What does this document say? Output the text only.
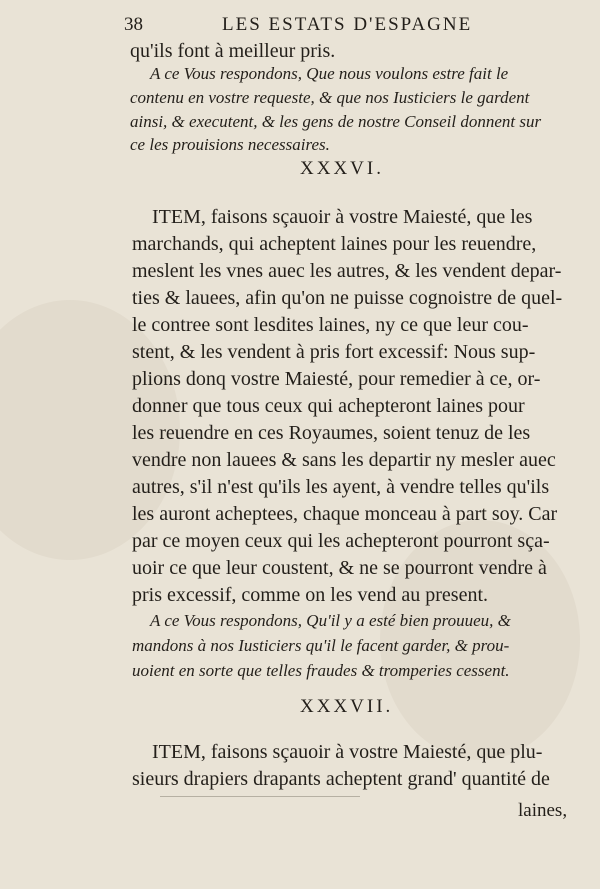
38	LES ESTATS D'ESPAGNE
qu'ils font à meilleur pris.
A ce Vous respondons, Que nous voulons estre fait le
contenu en vostre requeste, & que nos Iusticiers le gardent
ainsi, & executent, & les gens de nostre Conseil donnent sur
ce les prouisions necessaires.
XXXVI.
ITEM, faisons sçauoir à vostre Maiesté, que les
marchands, qui acheptent laines pour les reuendre,
meslent les vnes auec les autres, & les vendent depar-
ties & lauees, afin qu'on ne puisse cognoistre de quel-
le contree sont lesdites laines, ny ce que leur cou-
stent, & les vendent à pris fort excessif: Nous sup-
plions donq vostre Maiesté, pour remedier à ce, or-
donner que tous ceux qui achepteront laines pour
les reuendre en ces Royaumes, soient tenuz de les
vendre non lauees & sans les departir ny mesler auec
autres, s'il n'est qu'ils les ayent, à vendre telles qu'ils
les auront acheptees, chaque monceau à part soy. Car
par ce moyen ceux qui les achepteront pourront sça-
uoir ce que leur coustent, & ne se pourront vendre à
pris excessif, comme on les vend au present.
A ce Vous respondons, Qu'il y a esté bien prouueu, &
mandons à nos Iusticiers qu'il le facent garder, & prou-
uoient en sorte que telles fraudes & tromperies cessent.
XXXVII.
ITEM, faisons sçauoir à vostre Maiesté, que plu-
sieurs drapiers drapants acheptent grand' quantité de
laines,
